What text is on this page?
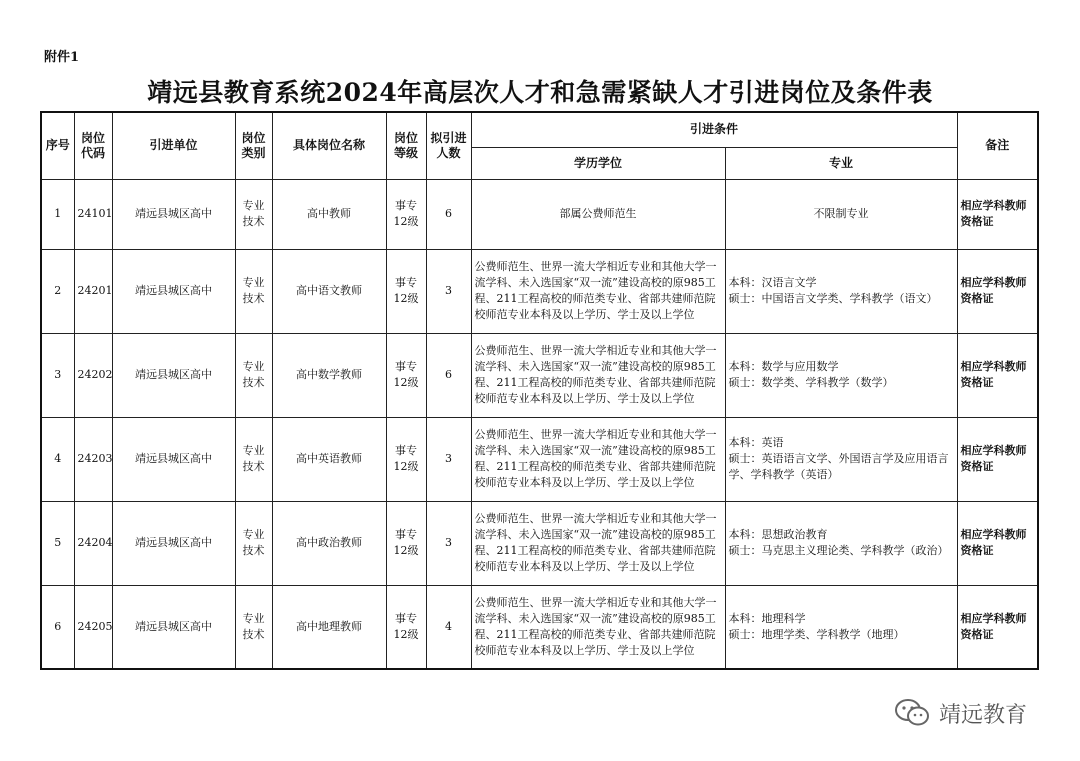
附件1
靖远县教育系统2024年高层次人才和急需紧缺人才引进岗位及条件表
序号	岗位代码	引进单位	岗位类别	具体岗位名称	岗位等级	拟引进人数	引进条件		备注
							学历学位	专业	
1	24101	靖远县城区高中	专业技术	高中教师	事专12级	6	部属公费师范生	不限制专业	相应学科教师资格证
2	24201	靖远县城区高中	专业技术	高中语文教师	事专12级	3	公费师范生、世界一流大学相近专业和其他大学一流学科、未入选国家“双一流”建设高校的原985工程、211工程高校的师范类专业、省部共建师范院校师范专业本科及以上学历、学士及以上学位	本科：汉语言文学
硕士：中国语言文学类、学科教学（语文）	相应学科教师资格证
3	24202	靖远县城区高中	专业技术	高中数学教师	事专12级	6	公费师范生、世界一流大学相近专业和其他大学一流学科、未入选国家“双一流”建设高校的原985工程、211工程高校的师范类专业、省部共建师范院校师范专业本科及以上学历、学士及以上学位	本科：数学与应用数学
硕士：数学类、学科教学（数学）	相应学科教师资格证
4	24203	靖远县城区高中	专业技术	高中英语教师	事专12级	3	公费师范生、世界一流大学相近专业和其他大学一流学科、未入选国家“双一流”建设高校的原985工程、211工程高校的师范类专业、省部共建师范院校师范专业本科及以上学历、学士及以上学位	本科：英语
硕士：英语语言文学、外国语言学及应用语言学、学科教学（英语）	相应学科教师资格证
5	24204	靖远县城区高中	专业技术	高中政治教师	事专12级	3	公费师范生、世界一流大学相近专业和其他大学一流学科、未入选国家“双一流”建设高校的原985工程、211工程高校的师范类专业、省部共建师范院校师范专业本科及以上学历、学士及以上学位	本科：思想政治教育
硕士：马克思主义理论类、学科教学（政治）	相应学科教师资格证
6	24205	靖远县城区高中	专业技术	高中地理教师	事专12级	4	公费师范生、世界一流大学相近专业和其他大学一流学科、未入选国家“双一流”建设高校的原985工程、211工程高校的师范类专业、省部共建师范院校师范专业本科及以上学历、学士及以上学位	本科：地理科学
硕士：地理学类、学科教学（地理）	相应学科教师资格证
靖远教育
